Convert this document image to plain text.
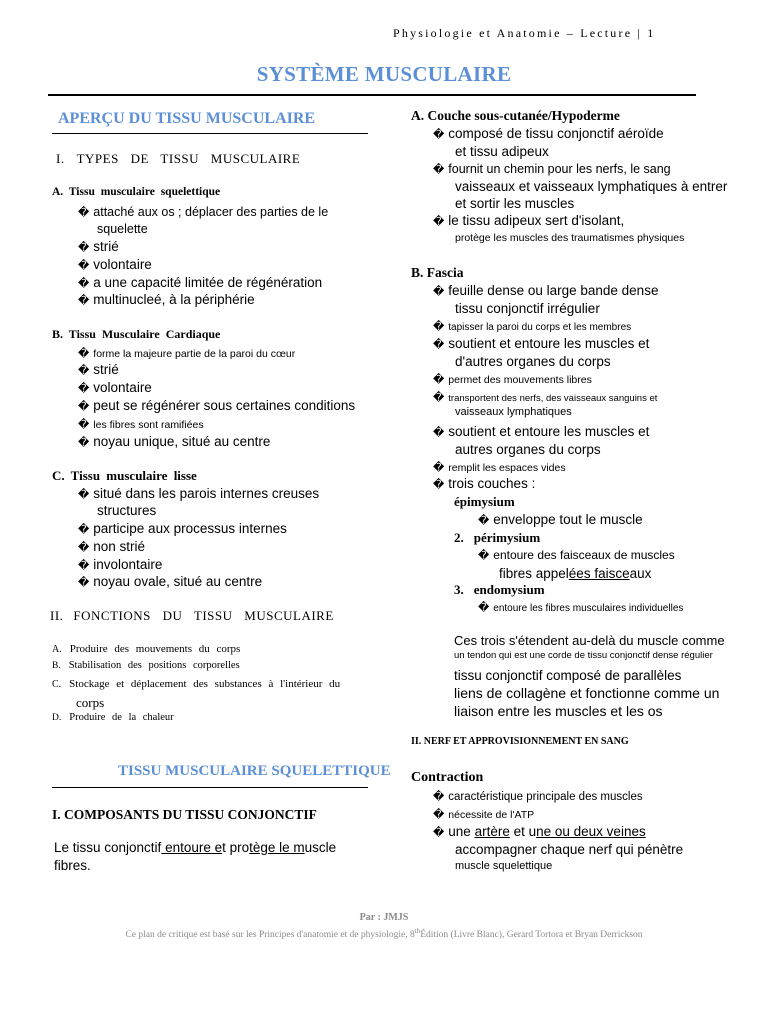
Physiologie et Anatomie – Lecture | 1
SYSTÈME MUSCULAIRE
APERÇU DU TISSU MUSCULAIRE
I. TYPES DE TISSU MUSCULAIRE
A. Tissu musculaire squelettique
� attaché aux os ; déplacer des parties de le
squelette
� strié
� volontaire
� a une capacité limitée de régénération
� multinucleé, à la périphérie
B. Tissu Musculaire Cardiaque
� forme la majeure partie de la paroi du cœur
� strié
� volontaire
� peut se régénérer sous certaines conditions
� les fibres sont ramifiées
� noyau unique, situé au centre
C. Tissu musculaire lisse
� situé dans les parois internes creuses
structures
� participe aux processus internes
� non strié
� involontaire
� noyau ovale, situé au centre
II. FONCTIONS DU TISSU MUSCULAIRE
A. Produire des mouvements du corps
B. Stabilisation des positions corporelles
C. Stockage et déplacement des substances à l'intérieur du
corps
D. Produire de la chaleur
TISSU MUSCULAIRE SQUELETTIQUE
I. COMPOSANTS DU TISSU CONJONCTIF
Le tissu conjonctif entoure et protège le muscle
fibres.
A. Couche sous-cutanée/Hypoderme
� composé de tissu conjonctif aéroïde
et tissu adipeux
� fournit un chemin pour les nerfs, le sang
vaisseaux et vaisseaux lymphatiques à entrer
et sortir les muscles
� le tissu adipeux sert d'isolant,
protège les muscles des traumatismes physiques
B. Fascia
� feuille dense ou large bande dense
tissu conjonctif irrégulier
� tapisser la paroi du corps et les membres
� soutient et entoure les muscles et
d'autres organes du corps
� permet des mouvements libres
� transportent des nerfs, des vaisseaux sanguins et
vaisseaux lymphatiques
� soutient et entoure les muscles et
autres organes du corps
� remplit les espaces vides
� trois couches :
épimysium
� enveloppe tout le muscle
2. périmysium
� entoure des faisceaux de muscles
fibres appelées faisceaux
3. endomysium
� entoure les fibres musculaires individuelles
Ces trois s'étendent au-delà du muscle comme
un tendon qui est une corde de tissu conjonctif dense régulier
tissu conjonctif composé de parallèles
liens de collagène et fonctionne comme un
liaison entre les muscles et les os
II. NERF ET APPROVISIONNEMENT EN SANG
Contraction
� caractéristique principale des muscles
� nécessite de l'ATP
� une artère et une ou deux veines
accompagner chaque nerf qui pénètre
muscle squelettique
Par : JMJS
Ce plan de critique est basé sur les Principes d'anatomie et de physiologie, 8thÉdition (Livre Blanc), Gerard Tortora et Bryan Derrickson
